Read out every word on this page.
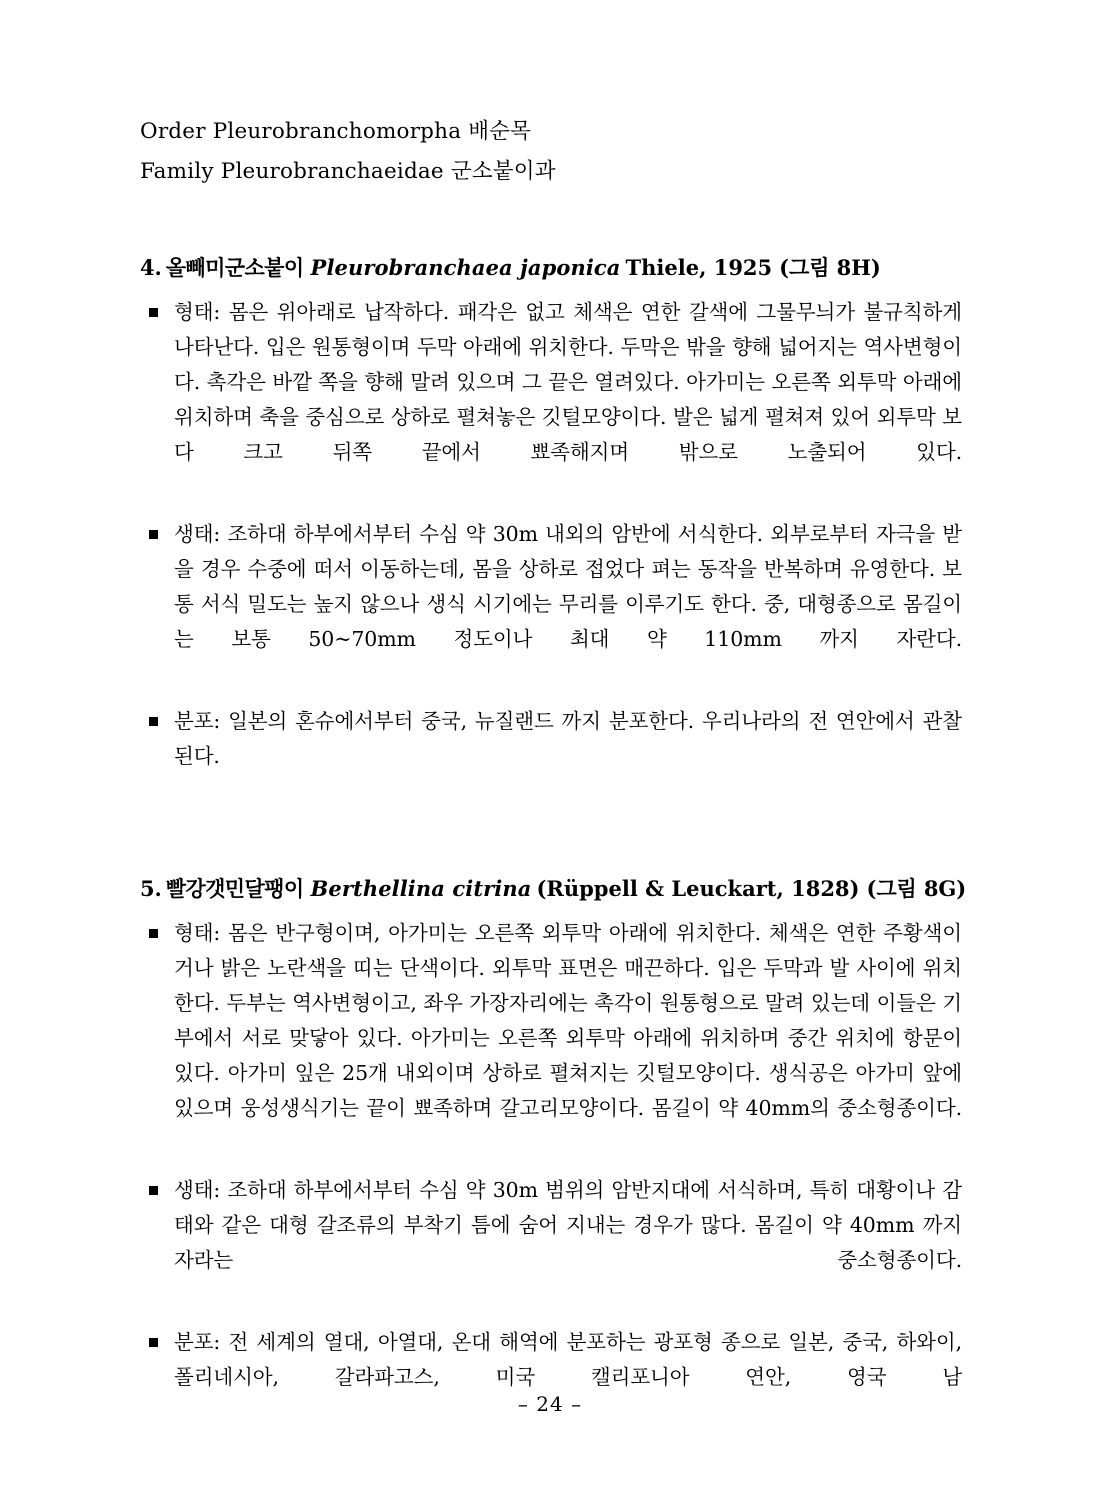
Order Pleurobranchomorpha 배순목
Family Pleurobranchaeidae 군소붙이과
4. 올빼미군소붙이 Pleurobranchaea japonica Thiele, 1925 (그림 8H)
형태: 몸은 위아래로 납작하다. 패각은 없고 체색은 연한 갈색에 그물무늬가 불규칙하게 나타난다. 입은 원통형이며 두막 아래에 위치한다. 두막은 밖을 향해 넓어지는 역사변형이다. 촉각은 바깥 쪽을 향해 말려 있으며 그 끝은 열려있다. 아가미는 오른쪽 외투막 아래에 위치하며 축을 중심으로 상하로 펼쳐놓은 깃털모양이다. 발은 넓게 펼쳐져 있어 외투막 보다 크고 뒤쪽 끝에서 뾰족해지며 밖으로 노출되어 있다.
생태: 조하대 하부에서부터 수심 약 30m 내외의 암반에 서식한다. 외부로부터 자극을 받을 경우 수중에 떠서 이동하는데, 몸을 상하로 접었다 펴는 동작을 반복하며 유영한다. 보통 서식 밀도는 높지 않으나 생식 시기에는 무리를 이루기도 한다. 중, 대형종으로 몸길이는 보통 50~70mm 정도이나 최대 약 110mm 까지 자란다.
분포: 일본의 혼슈에서부터 중국, 뉴질랜드 까지 분포한다. 우리나라의 전 연안에서 관찰된다.
5. 빨강갯민달팽이 Berthellina citrina (Rüppell & Leuckart, 1828) (그림 8G)
형태: 몸은 반구형이며, 아가미는 오른쪽 외투막 아래에 위치한다. 체색은 연한 주황색이거나 밝은 노란색을 띠는 단색이다. 외투막 표면은 매끈하다. 입은 두막과 발 사이에 위치한다. 두부는 역사변형이고, 좌우 가장자리에는 촉각이 원통형으로 말려 있는데 이들은 기부에서 서로 맞닿아 있다. 아가미는 오른쪽 외투막 아래에 위치하며 중간 위치에 항문이 있다. 아가미 잎은 25개 내외이며 상하로 펼쳐지는 깃털모양이다. 생식공은 아가미 앞에 있으며 웅성생식기는 끝이 뾰족하며 갈고리모양이다. 몸길이 약 40mm의 중소형종이다.
생태: 조하대 하부에서부터 수심 약 30m 범위의 암반지대에 서식하며, 특히 대황이나 감태와 같은 대형 갈조류의 부착기 틈에 숨어 지내는 경우가 많다. 몸길이 약 40mm 까지 자라는 중소형종이다.
분포: 전 세계의 열대, 아열대, 온대 해역에 분포하는 광포형 종으로 일본, 중국, 하와이, 폴리네시아, 갈라파고스, 미국 캘리포니아 연안, 영국 남
– 24 –
